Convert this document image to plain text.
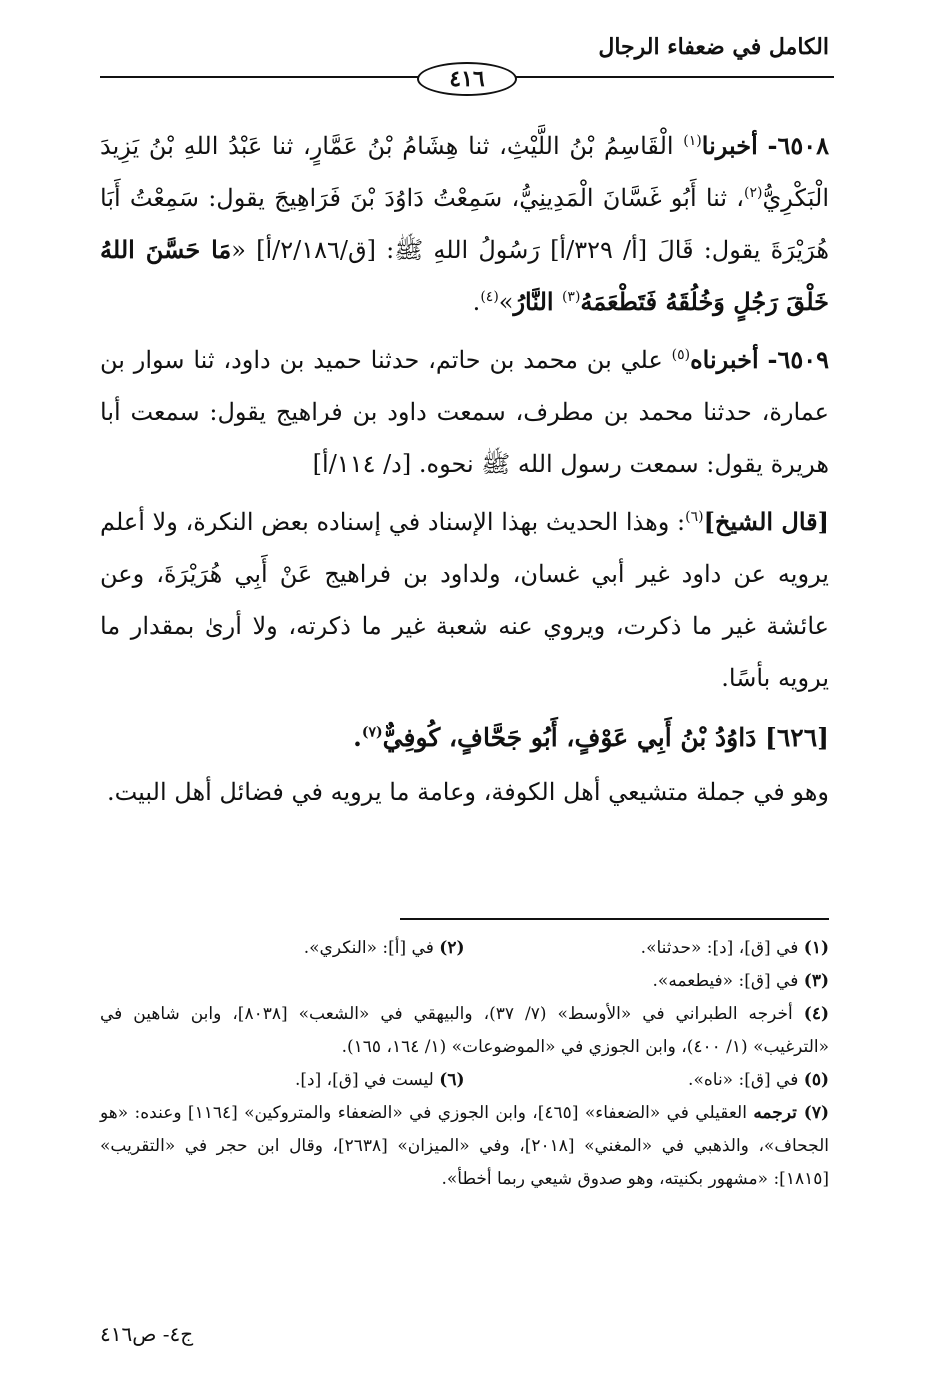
الكامل في ضعفاء الرجال
٤١٦

٦٥٠٨- أخبرنا$^{(١)}$ الْقَاسِمُ بْنُ اللَّيْثِ، ثنا هِشَامُ بْنُ عَمَّارٍ، ثنا عَبْدُ اللهِ بْنُ يَزِيدَ الْبَكْرِيُّ$^{(٢)}$، ثنا أَبُو غَسَّانَ الْمَدِينِيُّ، سَمِعْتُ دَاوُدَ بْنَ فَرَاهِيجَ يقول: سَمِعْتُ أَبَا هُرَيْرَةَ يقول: قَالَ [أ/ ٣٢٩/أ] رَسُولُ اللهِ ﷺ: [ق/٢/١٨٦/أ] «مَا حَسَّنَ اللهُ خَلْقَ رَجُلٍ وَخُلُقَهُ فَتَطْعَمَهُ$^{(٣)}$ النَّارُ»$^{(٤)}$.

٦٥٠٩- أخبرناه$^{(٥)}$ علي بن محمد بن حاتم، حدثنا حميد بن داود، ثنا سوار بن عمارة، حدثنا محمد بن مطرف، سمعت داود بن فراهيج يقول: سمعت أبا هريرة يقول: سمعت رسول الله ﷺ نحوه. [د/ ١١٤/أ]

[قال الشيخ]$^{(٦)}$: وهذا الحديث بهذا الإسناد في إسناده بعض النكرة، ولا أعلم يرويه عن داود غير أبي غسان، ولداود بن فراهيج عَنْ أَبِي هُرَيْرَةَ، وعن عائشة غير ما ذكرت، ويروي عنه شعبة غير ما ذكرته، ولا أرىٰ بمقدار ما يرويه بأسًا.

[٦٢٦] دَاوُدُ بْنُ أَبِي عَوْفٍ، أَبُو جَحَّافٍ، كُوفِيٌّ$^{(٧)}$.

وهو في جملة متشيعي أهل الكوفة، وعامة ما يرويه في فضائل أهل البيت.

(١) في [ق]، [د]: «حدثنا».
(٢) في [أ]: «النكري».
(٣) في [ق]: «فيطعمه».
(٤) أخرجه الطبراني في «الأوسط» (٧/ ٣٧)، والبيهقي في «الشعب» [٨٠٣٨]، وابن شاهين في «الترغيب» (١/ ٤٠٠)، وابن الجوزي في «الموضوعات» (١/ ١٦٤، ١٦٥).
(٥) في [ق]: «ناه».
(٦) ليست في [ق]، [د].
(٧) ترجمه العقيلي في «الضعفاء» [٤٦٥]، وابن الجوزي في «الضعفاء والمتروكين» [١١٦٤] وعنده: «هو الجحاف»، والذهبي في «المغني» [٢٠١٨]، وفي «الميزان» [٢٦٣٨]، وقال ابن حجر في «التقريب» [١٨١٥]: «مشهور بكنيته، وهو صدوق شيعي ربما أخطأ».
ج٤- ص٤١٦
